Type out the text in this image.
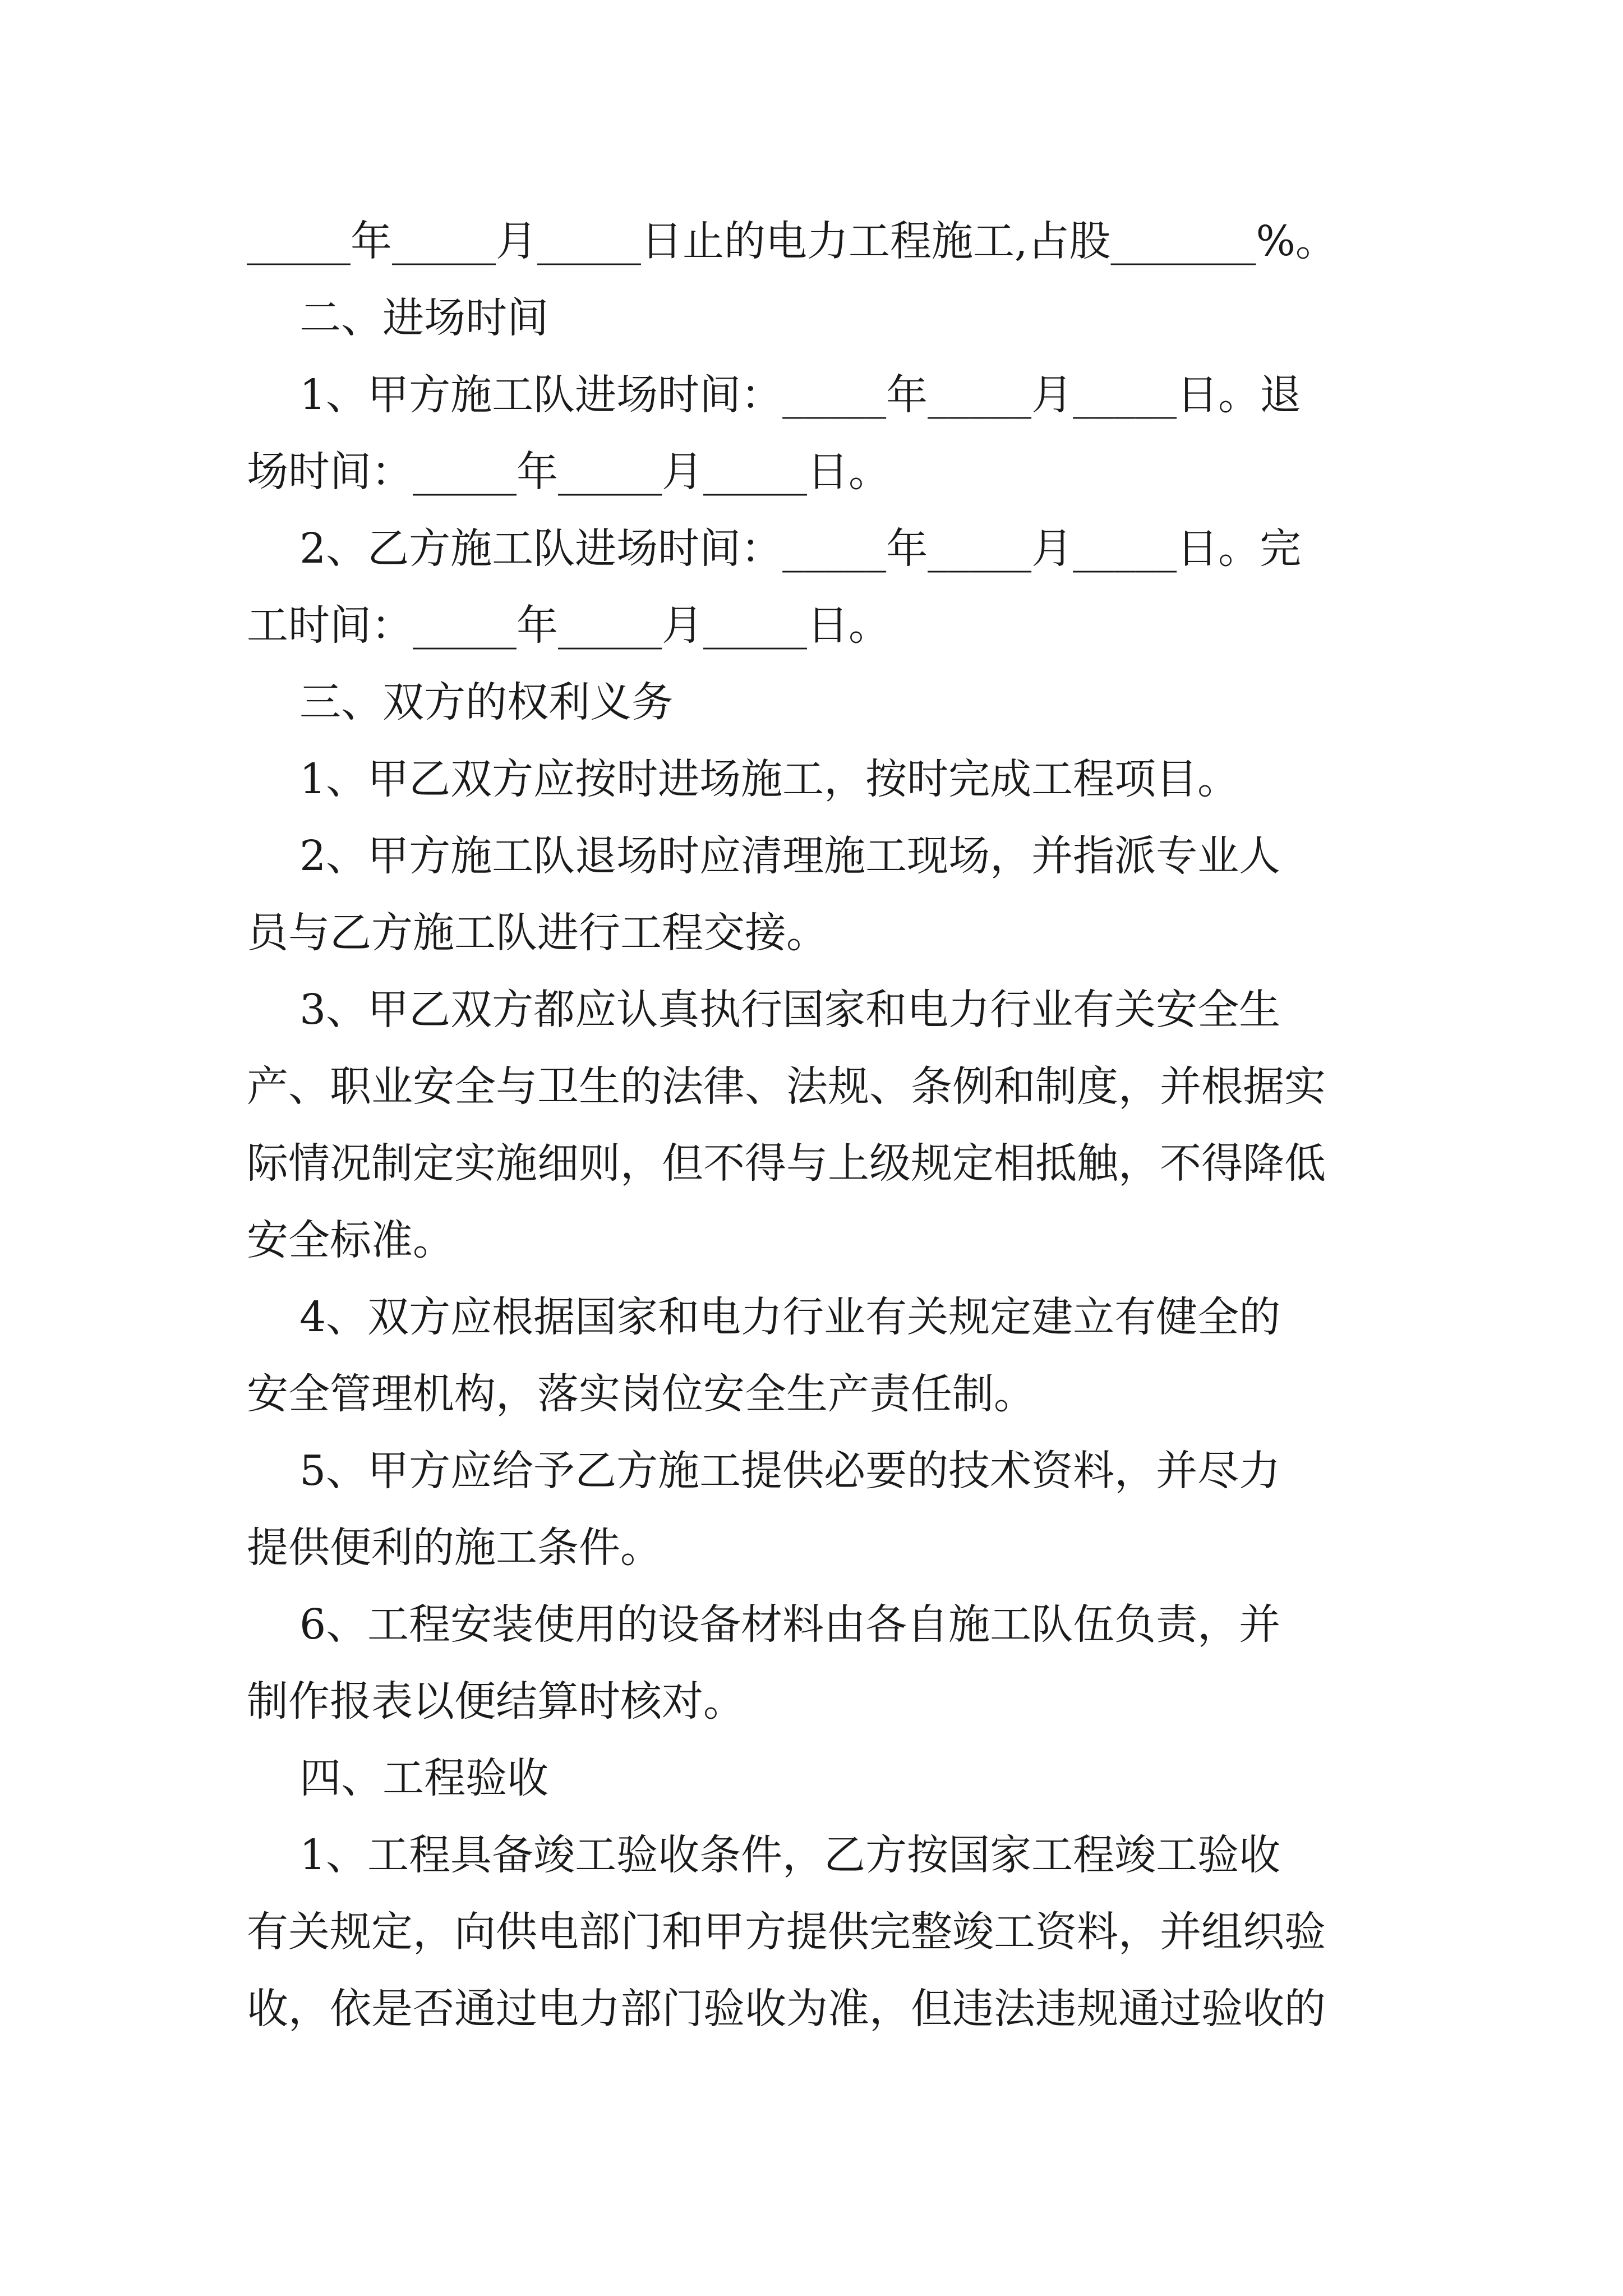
_____年_____月_____日止的电力工程施工,占股_______%。
二、进场时间
1、甲方施工队进场时间：_____年_____月_____日。退
场时间：_____年_____月_____日。
2、乙方施工队进场时间：_____年_____月_____日。完
工时间：_____年_____月_____日。
三、双方的权利义务
1、甲乙双方应按时进场施工，按时完成工程项目。
2、甲方施工队退场时应清理施工现场，并指派专业人
员与乙方施工队进行工程交接。
3、甲乙双方都应认真执行国家和电力行业有关安全生
产、职业安全与卫生的法律、法规、条例和制度，并根据实
际情况制定实施细则，但不得与上级规定相抵触，不得降低
安全标准。
4、双方应根据国家和电力行业有关规定建立有健全的
安全管理机构，落实岗位安全生产责任制。
5、甲方应给予乙方施工提供必要的技术资料，并尽力
提供便利的施工条件。
6、工程安装使用的设备材料由各自施工队伍负责，并
制作报表以便结算时核对。
四、工程验收
1、工程具备竣工验收条件，乙方按国家工程竣工验收
有关规定，向供电部门和甲方提供完整竣工资料，并组织验
收，依是否通过电力部门验收为准，但违法违规通过验收的
